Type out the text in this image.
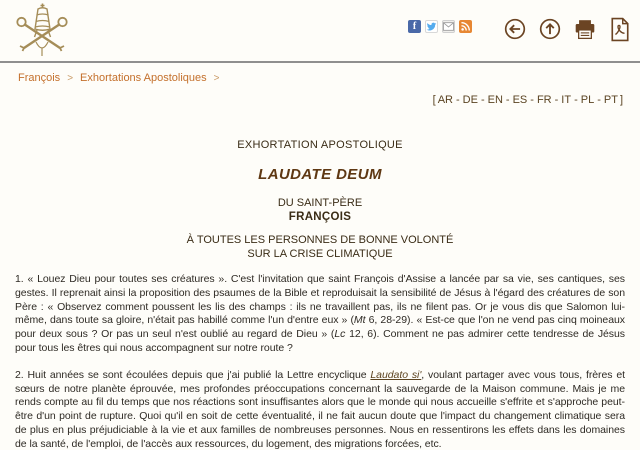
f
François > Exhortations Apostoliques >
[ AR - DE - EN - ES - FR - IT - PL - PT ]
EXHORTATION APOSTOLIQUE
LAUDATE DEUM
DU SAINT-PÈRE
FRANÇOIS
À TOUTES LES PERSONNES DE BONNE VOLONTÉ
SUR LA CRISE CLIMATIQUE

1. « Louez Dieu pour toutes ses créatures ». C'est l'invitation que saint François d'Assise a lancée par sa vie, ses cantiques, ses gestes. Il reprenait ainsi la proposition des psaumes de la Bible et reproduisait la sensibilité de Jésus à l'égard des créatures de son Père : « Observez comment poussent les lis des champs : ils ne travaillent pas, ils ne filent pas. Or je vous dis que Salomon lui-même, dans toute sa gloire, n'était pas habillé comme l'un d'entre eux » (Mt 6, 28-29). « Est-ce que l'on ne vend pas cinq moineaux pour deux sous ? Or pas un seul n'est oublié au regard de Dieu » (Lc 12, 6). Comment ne pas admirer cette tendresse de Jésus pour tous les êtres qui nous accompagnent sur notre route ?

2. Huit années se sont écoulées depuis que j'ai publié la Lettre encyclique Laudato si', voulant partager avec vous tous, frères et sœurs de notre planète éprouvée, mes profondes préoccupations concernant la sauvegarde de la Maison commune. Mais je me rends compte au fil du temps que nos réactions sont insuffisantes alors que le monde qui nous accueille s'effrite et s'approche peut-être d'un point de rupture. Quoi qu'il en soit de cette éventualité, il ne fait aucun doute que l'impact du changement climatique sera de plus en plus préjudiciable à la vie et aux familles de nombreuses personnes. Nous en ressentirons les effets dans les domaines de la santé, de l'emploi, de l'accès aux ressources, du logement, des migrations forcées, etc.
